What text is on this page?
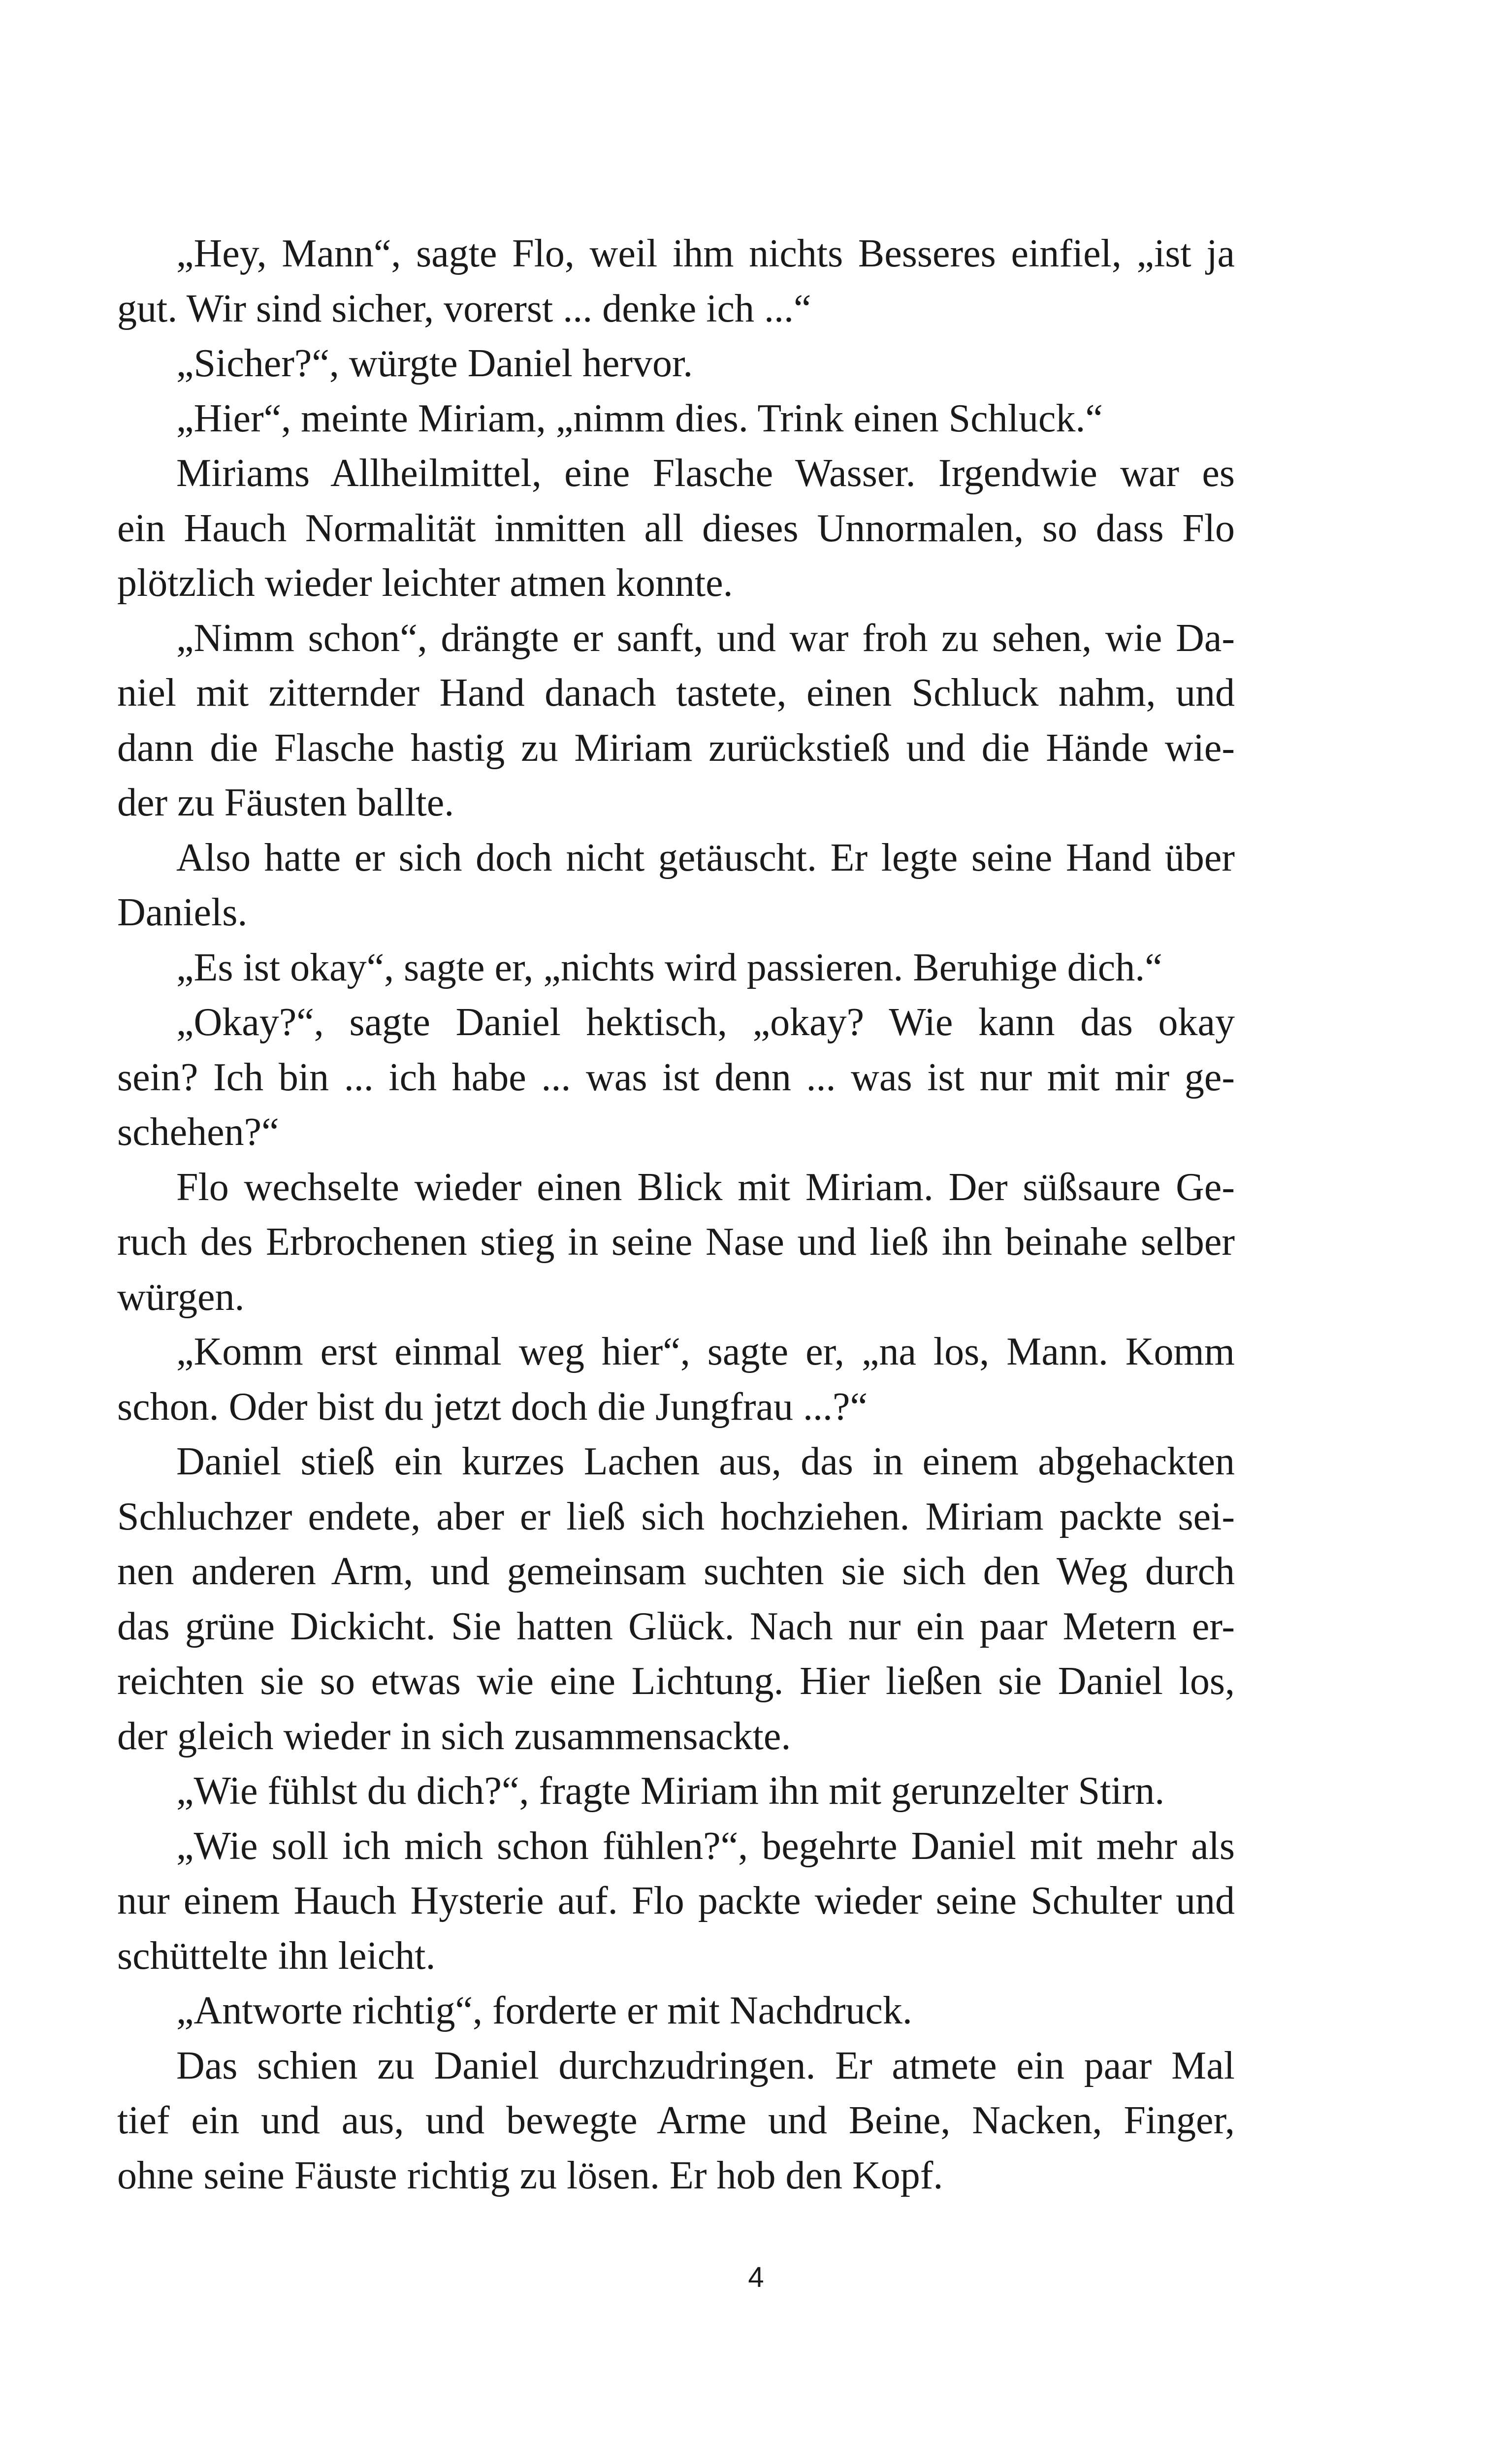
„Hey, Mann“, sagte Flo, weil ihm nichts Besseres einfiel, „ist ja
gut. Wir sind sicher, vorerst ... denke ich ...“
„Sicher?“, würgte Daniel hervor.
„Hier“, meinte Miriam, „nimm dies. Trink einen Schluck.“
Miriams Allheilmittel, eine Flasche Wasser. Irgendwie war es
ein Hauch Normalität inmitten all dieses Unnormalen, so dass Flo
plötzlich wieder leichter atmen konnte.
„Nimm schon“, drängte er sanft, und war froh zu sehen, wie Da-
niel mit zitternder Hand danach tastete, einen Schluck nahm, und
dann die Flasche hastig zu Miriam zurückstieß und die Hände wie-
der zu Fäusten ballte.
Also hatte er sich doch nicht getäuscht. Er legte seine Hand über
Daniels.
„Es ist okay“, sagte er, „nichts wird passieren. Beruhige dich.“
„Okay?“, sagte Daniel hektisch, „okay? Wie kann das okay
sein? Ich bin ... ich habe ... was ist denn ... was ist nur mit mir ge-
schehen?“
Flo wechselte wieder einen Blick mit Miriam. Der süßsaure Ge-
ruch des Erbrochenen stieg in seine Nase und ließ ihn beinahe selber
würgen.
„Komm erst einmal weg hier“, sagte er, „na los, Mann. Komm
schon. Oder bist du jetzt doch die Jungfrau ...?“
Daniel stieß ein kurzes Lachen aus, das in einem abgehackten
Schluchzer endete, aber er ließ sich hochziehen. Miriam packte sei-
nen anderen Arm, und gemeinsam suchten sie sich den Weg durch
das grüne Dickicht. Sie hatten Glück. Nach nur ein paar Metern er-
reichten sie so etwas wie eine Lichtung. Hier ließen sie Daniel los,
der gleich wieder in sich zusammensackte.
„Wie fühlst du dich?“, fragte Miriam ihn mit gerunzelter Stirn.
„Wie soll ich mich schon fühlen?“, begehrte Daniel mit mehr als
nur einem Hauch Hysterie auf. Flo packte wieder seine Schulter und
schüttelte ihn leicht.
„Antworte richtig“, forderte er mit Nachdruck.
Das schien zu Daniel durchzudringen. Er atmete ein paar Mal
tief ein und aus, und bewegte Arme und Beine, Nacken, Finger,
ohne seine Fäuste richtig zu lösen. Er hob den Kopf.
4
